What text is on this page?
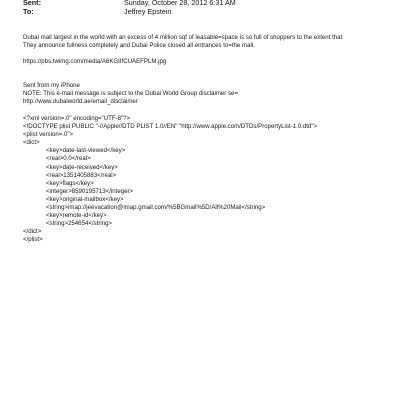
Sent:	Sunday, October 28, 2012 6:31 AM
To:	Jeffrey Epstein
Dubai mall largest in the world with an excess of 4 million sqf of leasable=space is so full of shoppers to the extent that
They announce fullness completely and Dubai Police closed all entrances to=the mall.
https://pbs.twimg.com/media/A6KGIIfCUAEFPLM.jpg
Sent from my iPhone
NOTE: This e-mail message is subject to the Dubai World Group disclaimer se=
http://www.dubaiworld.ae/email_disclaimer
<?xml version=.0" encoding="UTF-8"?>
<!DOCTYPE plist PUBLIC "-//Apple//DTD PLIST 1.0//EN" "http://www.apple.com/DTDs/PropertyList-1.0.dtd">
<plist version=.0">
<dict>
<key>date-last-viewed</key>
<real>0.0</real>
<key>date-received</key>
<real>1351405883</real>
<key>flags</key>
<integer>8590195713</integer>
<key>original-mailbox</key>
<string>imap://jeevacation@imap.gmail.com/%5BGmail%5D/All%20Mail</string>
<key>remote-id</key>
<string>254654</string>
</dict>
</plist>
